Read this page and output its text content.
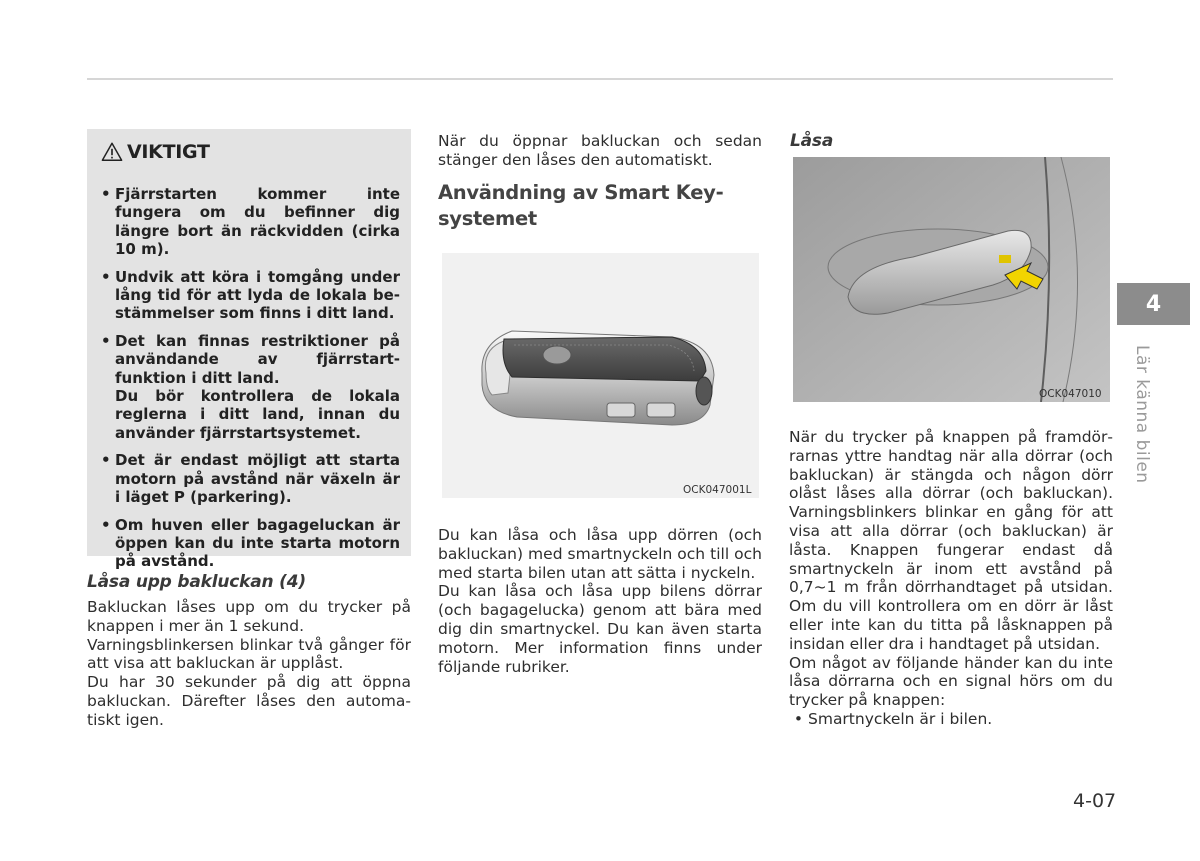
VIKTIGT
• Fjärrstarten kommer inte fungera om du befinner dig längre bort än räckvidden (cirka 10 m).
• Undvik att köra i tomgång under lång tid för att lyda de lokala bestämmelser som finns i ditt land.
• Det kan finnas restriktioner på användande av fjärrstart-funktion i ditt land.
Du bör kontrollera de lokala reglerna i ditt land, innan du använder fjärrstartsystemet.
• Det är endast möjligt att starta motorn på avstånd när växeln är i läget P (parkering).
• Om huven eller bagageluckan är öppen kan du inte starta motorn på avstånd.
Låsa upp bakluckan (4)

Bakluckan låses upp om du trycker på knappen i mer än 1 sekund.

Varningsblinkersen blinkar två gånger för att visa att bakluckan är upplåst.

Du har 30 sekunder på dig att öppna bakluckan. Därefter låses den automatiskt igen.

När du öppnar bakluckan och sedan stänger den låses den automatiskt.

Användning av Smart Key-systemet
OCK047001L

Du kan låsa och låsa upp dörren (och bakluckan) med smartnyckeln och till och med starta bilen utan att sätta i nyckeln.

Du kan låsa och låsa upp bilens dörrar (och bagagelucka) genom att bära med dig din smartnyckel. Du kan även starta motorn. Mer information finns under följande rubriker.

Låsa
OCK047010

När du trycker på knappen på framdörrarnas yttre handtag när alla dörrar (och bakluckan) är stängda och någon dörr olåst låses alla dörrar (och bakluckan). Varningsblinkers blinkar en gång för att visa att alla dörrar (och bakluckan) är låsta. Knappen fungerar endast då smartnyckeln är inom ett avstånd på 0,7~1 m från dörrhandtaget på utsidan. Om du vill kontrollera om en dörr är låst eller inte kan du titta på låsknappen på insidan eller dra i handtaget på utsidan.

Om något av följande händer kan du inte låsa dörrarna och en signal hörs om du trycker på knappen:

• Smartnyckeln är i bilen.

4
Lär känna bilen
4-07
